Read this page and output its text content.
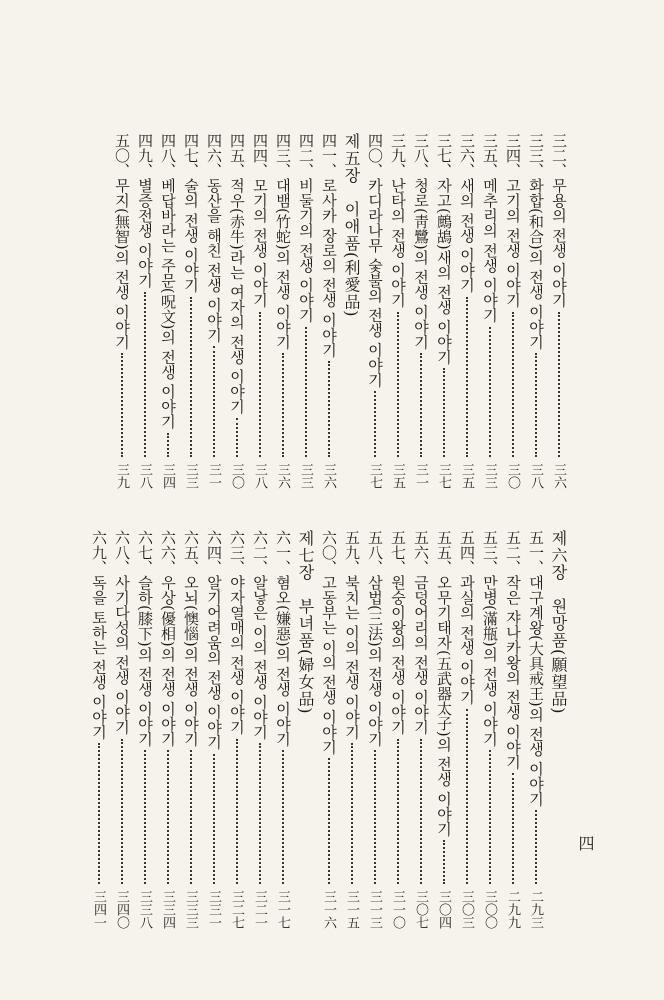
三二、무용의 전생 이야기
三六
三三、화합(和合)의 전생 이야기
三八
三四、고기의 전생 이야기
三〇
三五、메추리의 전생 이야기
三三
三六、새의 전생 이야기
三五
三七、자고(鷓鴣)새의 전생 이야기
三七
三八、청로(靑鷺)의 전생 이야기
三一
三九、난타의 전생 이야기
三五
四〇、카디라나무 숯불의 전생 이야기
三七
제五장　이애품(利愛品)
四一、로사카 장로의 전생 이야기
三六
四二、비둘기의 전생 이야기
三三
四三、대뱀(竹蛇)의 전생 이야기
三六
四四、모기의 전생 이야기
三八
四五、적우(赤牛)라는 여자의 전생 이야기
三〇
四六、동산을 해친 전생 이야기
三一
四七、술의 전생 이야기
三三
四八、베답바라는 주문(呪文)의 전생 이야기
三四
四九、별증전생 이야기
三八
五〇、무지(無智)의 전생 이야기
三九
제六장　원망품(願望品)
五一、대구계왕(大具戒王)의 전생 이야기
二九三
五二、작은 쟈나카왕의 전생 이야기
二九九
五三、만병(滿甁)의 전생 이야기
三〇〇
五四、과실의 전생 이야기
三〇三
五五、오무기태자(五武器太子)의 전생 이야기
三〇四
五六、금덩어리의 전생 이야기
三〇七
五七、원숭이왕의 전생 이야기
三一〇
五八、삼법(三法)의 전생 이야기
三一三
五九、북치는 이의 전생 이야기
三一五
六〇、고동부는 이의 전생 이야기
三一六
제七장　부녀품(婦女品)
六一、혐오(嫌惡)의 전생 이야기
三一七
六二、알낳은 이의 전생 이야기
三二一
六三、야자열매의 전생 이야기
三二七
六四、알기어려움의 전생 이야기
三三一
六五、오뇌(懊惱)의 전생 이야기
三三三
六六、우상(優相)의 전생 이야기
三三四
六七、슬하(膝下)의 전생 이야기
三三八
六八、사기다성의 전생 이야기
三四〇
六九、독을 토하는 전생 이야기
三四一
四
